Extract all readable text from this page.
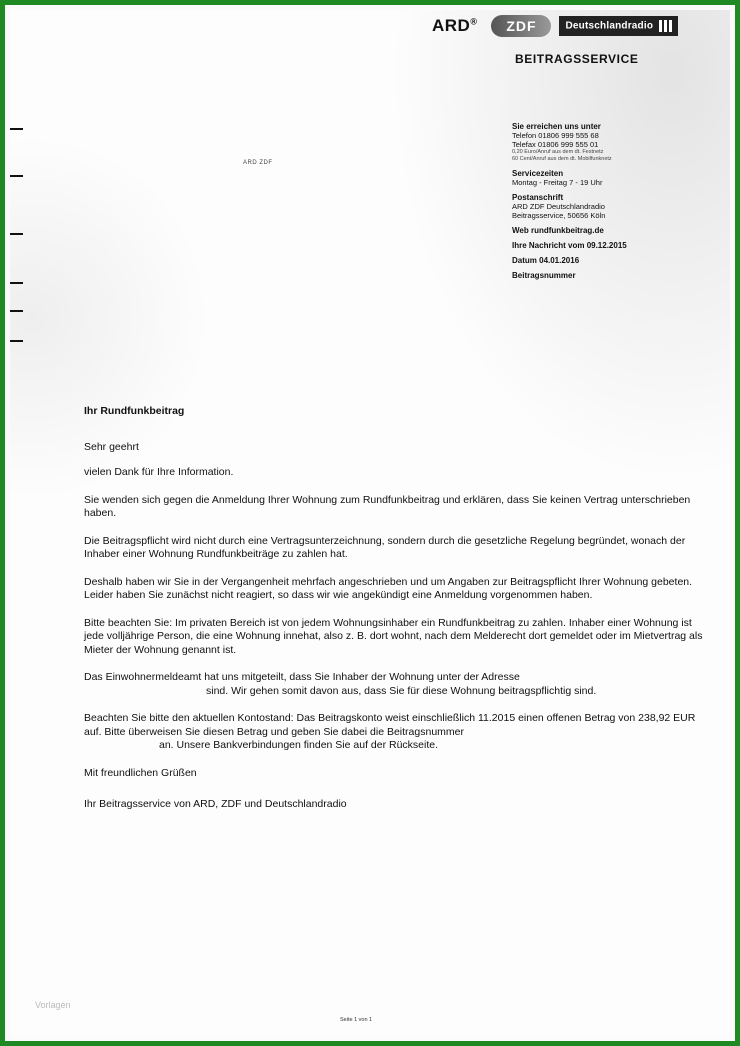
ARD®	ZDF	Deutschlandradio
BEITRAGSSERVICE
ARD ZDF
Sie erreichen uns unter
Telefon 01806 999 555 68
Telefax 01806 999 555 01
0,20 Euro/Anruf aus dem dt. Festnetz
60 Cent/Anruf aus dem dt. Mobilfunknetz
Servicezeiten
Montag - Freitag 7 - 19 Uhr
Postanschrift
ARD ZDF Deutschlandradio
Beitragsservice, 50656 Köln
Web rundfunkbeitrag.de
Ihre Nachricht vom 09.12.2015
Datum 04.01.2016
Beitragsnummer

Ihr Rundfunkbeitrag

Sehr geehrt

vielen Dank für Ihre Information.

Sie wenden sich gegen die Anmeldung Ihrer Wohnung zum Rundfunkbeitrag und erklären, dass Sie keinen Vertrag unterschrieben haben.

Die Beitragspflicht wird nicht durch eine Vertragsunterzeichnung, sondern durch die gesetzliche Regelung begründet, wonach der Inhaber einer Wohnung Rundfunkbeiträge zu zahlen hat.

Deshalb haben wir Sie in der Vergangenheit mehrfach angeschrieben und um Angaben zur Beitragspflicht Ihrer Wohnung gebeten. Leider haben Sie zunächst nicht reagiert, so dass wir wie angekündigt eine Anmeldung vorgenommen haben.

Bitte beachten Sie: Im privaten Bereich ist von jedem Wohnungsinhaber ein Rundfunkbeitrag zu zahlen. Inhaber einer Wohnung ist jede volljährige Person, die eine Wohnung innehat, also z. B. dort wohnt, nach dem Melderecht dort gemeldet oder im Mietvertrag als Mieter der Wohnung genannt ist.

Das Einwohnermeldeamt hat uns mitgeteilt, dass Sie Inhaber der Wohnung unter der Adresse

sind. Wir gehen somit davon aus, dass Sie für diese Wohnung beitragspflichtig sind.

Beachten Sie bitte den aktuellen Kontostand: Das Beitragskonto weist einschließlich 11.2015 einen offenen Betrag von 238,92 EUR auf. Bitte überweisen Sie diesen Betrag und geben Sie dabei die Beitragsnummer

an. Unsere Bankverbindungen finden Sie auf der Rückseite.

Mit freundlichen Grüßen

Ihr Beitragsservice von ARD, ZDF und Deutschlandradio

Vorlagen
Seite 1 von 1
